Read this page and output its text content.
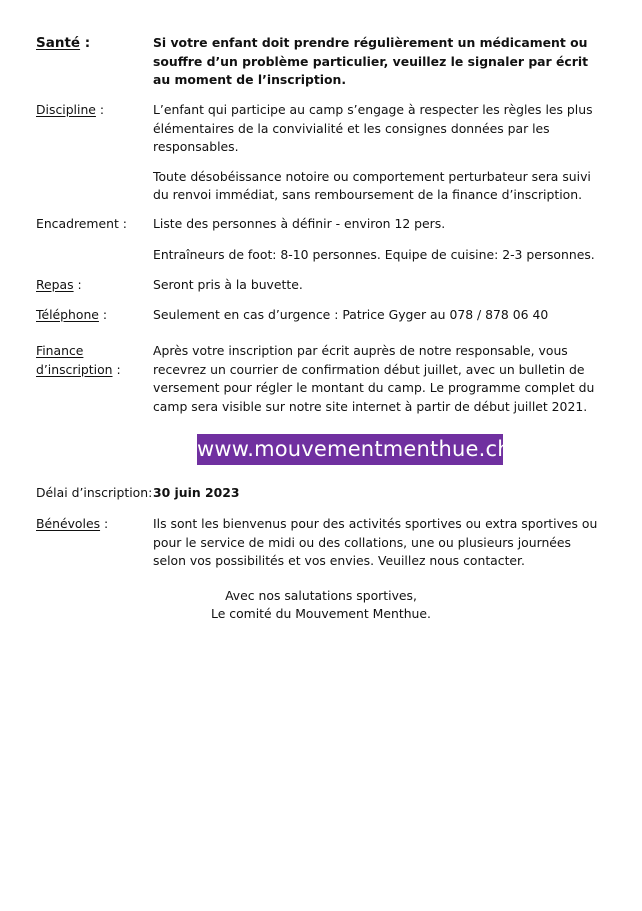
Santé :	Si votre enfant doit prendre régulièrement un médicament ou souffre d’un problème particulier, veuillez le signaler par écrit au moment de l’inscription.

Discipline :	L’enfant qui participe au camp s’engage à respecter les règles les plus élémentaires de la convivialité et les consignes données par les responsables.

Toute désobéissance notoire ou comportement perturbateur sera suivi du renvoi immédiat, sans remboursement de la finance d’inscription.

Encadrement :	Liste des personnes à définir - environ 12 pers.

Entraîneurs de foot: 8-10 personnes. Equipe de cuisine: 2-3 personnes.

Repas :	Seront pris à la buvette.

Téléphone :	Seulement en cas d’urgence : Patrice Gyger au 078 / 878 06 40

Finance
d’inscription :

Après votre inscription par écrit auprès de notre responsable, vous recevrez un courrier de confirmation début juillet, avec un bulletin de versement pour régler le montant du camp. Le programme complet du camp sera visible sur notre site internet à partir de début juillet 2021.

www.mouvementmenthue.ch
Délai d’inscription: 30 juin 2023

Bénévoles :	Ils sont les bienvenus pour des activités sportives ou extra sportives ou pour le service de midi ou des collations, une ou plusieurs journées selon vos possibilités et vos envies. Veuillez nous contacter.

Avec nos salutations sportives,
Le comité du Mouvement Menthue.
